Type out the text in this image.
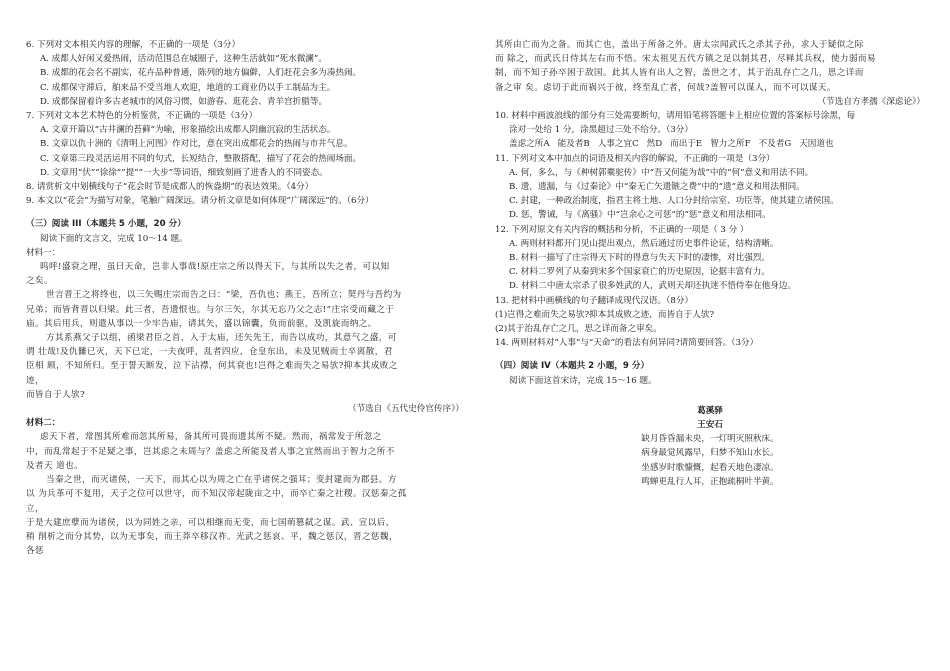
6. 下列对文本相关内容的理解，不正确的一项是（3分）
A. 成都人好闲又爱热闹，活动范围总在城圈子，这种生活就如“死水微澜”。
B. 成都的花会名不副实，花卉品种普通，陈列的地方偏僻，人们赶花会多为凑热闹。
C. 成都保守滞后，舶来品不受当地人欢迎，地道的工商业仍以手工制品为主。
D. 成都保留着许多古老城市的风俗习惯，如游春、逛花会、青羊宫折腊等。
7. 下列对文本艺术特色的分析鉴赏，不正确的一项是（3分）
A. 文章开篇以“古井澜的苔藓”为喻，形象描绘出成都人阴幽沉寂的生活状态。
B. 文章以仇十洲的《清明上河图》作对比，意在突出成都花会的热闹与市井气息。
C. 文章第三段灵活运用不同的句式，长短结合，整散搭配，描写了花会的热闹场面。
D. 文章用“伏”“徐徐”“提”“一大步”等词语，细致刻画了进香人的不同姿态。
8. 请赏析文中划横线句子“花会时节是成都人的恢盎期”的表达效果。（4分）
9. 本文以“花会”为描写对象，笔触广阔深远。请分析文章是如何体现“广阔深远”的。（6分）
（三）阅读 III（本题共 5 小题，20 分）
阅读下面的文言文，完成 10～14 题。
材料一：
呜呼!盛衰之理，虽曰天命，岂非人事哉!原庄宗之所以得天下，与其所以失之者，可以知
之矣。
世言晋王之将终也，以三矢赐庄宗而告之曰：“梁，吾仇也；燕王，吾所立；契丹与吾约为
兄弟；而皆背晋以归梁。此三者，吾遗恨也。与尔三矢，尔其无忘乃父之志!”庄宗受而藏之于
庙。其后用兵，则遣从事以一少牢告庙，请其矢，盛以锦囊，负而前驱，及凯旋而纳之。
方其系燕父子以组，函梁君臣之首，入于太庙，还矢先王，而告以成功，其意气之盛，可
谓 壮哉!及仇雠已灭，天下已定，一夫夜呼，乱者四应，仓皇东出，未及见贼而士卒离散，君
臣相 顾，不知所归。至于誓天断发，泣下沾襟，何其衰也!岂得之难而失之易欤?抑本其成败之
迹，
而皆自于人欤?
（节选自《五代史伶官传序》）
材料二：
虑天下者，常图其所难而忽其所易，备其所可畏而遗其所不疑。然而，祸常发于所忽之
中，而乱常起于不足疑之事，岂其虑之未周与？盖虑之所能及者人事之宜然而出于智力之所不
及者天 道也。
当秦之世，而灭诸侯，一天下，而其心以为周之亡在乎诸侯之强耳；变封建而为郡县。方
以 为兵革可不复用，天子之位可以世守，而不知汉帝起陇亩之中，而卒亡秦之社稷。汉惩秦之孤
立，
于是大建庶孽而为诸侯，以为同姓之亲，可以相继而无变，而七国萌篡弑之谋。武、宣以后，
稍 削析之而分其势，以为无事矣，而王莽卒移汉祚。光武之惩哀、平，魏之惩汉，晋之惩魏，
各惩
其所由亡而为之备。而其亡也，盖出于所备之外。唐太宗闻武氏之杀其子孙，求人于疑似之际
而 除之，而武氏日侍其左右而不悟。宋太祖见五代方镇之足以制其君，尽释其兵权，使力弱而易
制，而不知子孙卒困于敌国。此其人皆有出人之智，盖世之才，其于治乱存亡之几，思之详而
备之审 矣。虑切于此而祸兴于彼，终至乱亡者，何哉?盖智可以谋人，而不可以谋天。
（节选自方孝孺《深虑论》）
10. 材料中画波浪线的部分有三处需要断句，请用铅笔将答题卡上相应位置的答案标号涂黑，每
涂对一处给 1 分，涂黑超过三处不给分。（3分）
盖虑之所A 能及者B 人事之宜C 然D 而出于E 智力之所F 不及者G 天因道也
11. 下列对文本中加点的词语及相关内容的解说，不正确的一项是（3分）
A. 何，多么，与《种树郭橐驼传》中“吾又何能为哉”中的“何”意义和用法不同。
B. 遗，遗漏，与《过秦论》中“秦无亡矢遗镞之费”中的“遗”意义和用法相同。
C. 封建，一种政治制度，指君主将土地、人口分封给宗室、功臣等，使其建立诸侯国。
D. 惩，警诫，与《离骚》中“岂余心之可惩”的“惩”意义和用法相同。
12. 下列对原文有关内容的概括和分析，不正确的一项是（ 3 分 ）
A. 两则材料都开门见山提出观点，然后通过历史事件论证，结构清晰。
B. 材料一描写了庄宗得天下时的得意与失天下时的凄惨，对比强烈。
C. 材料二罗列了从秦到宋多个国家衰亡的历史原因，论据丰富有力。
D. 材料二中唐太宗杀了很多姓武的人，武则天却还执迷不悟侍奉在他身边。
13. 把材料中画横线的句子翻译成现代汉语。（8分）
(1)岂得之难而失之易欤?抑本其成败之迹，而皆自于人欤?
(2)其于治乱存亡之几，思之详而备之审矣。
14. 两则材料对“人事”与“天命”的看法有何异同?请简要回答。（3分）
（四）阅读 IV（本题共 2 小题，9 分）
阅读下面这首宋诗，完成 15～16 题。
葛溪驿
王安石
缺月昏昏漏未央，一灯明灭照秋床。
病身最觉风露早，归梦不知山水长。
坐感岁时歌慷慨，起看天地色凄凉。
鸣蝉更乱行人耳，正抱疏桐叶半黄。
